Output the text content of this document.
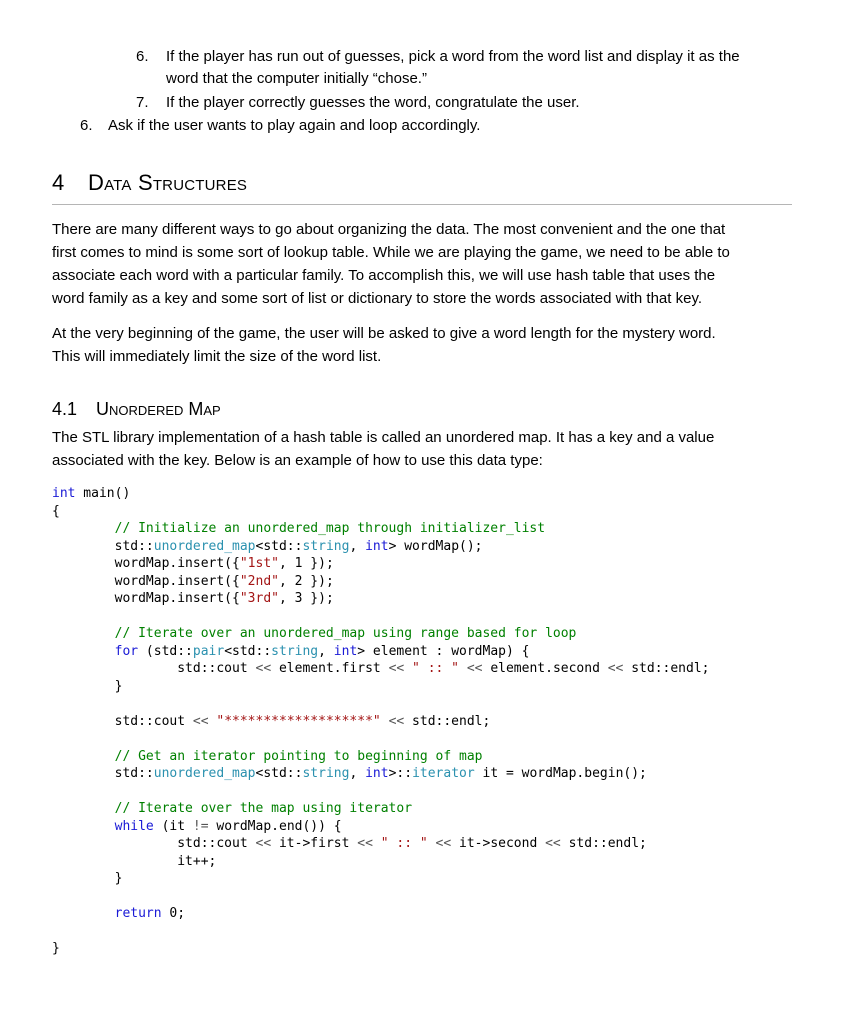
6. If the player has run out of guesses, pick a word from the word list and display it as the
word that the computer initially “chose.”
7. If the player correctly guesses the word, congratulate the user.
6. Ask if the user wants to play again and loop accordingly.
4 Data Structures
There are many different ways to go about organizing the data. The most convenient and the one that
first comes to mind is some sort of lookup table. While we are playing the game, we need to be able to
associate each word with a particular family. To accomplish this, we will use hash table that uses the
word family as a key and some sort of list or dictionary to store the words associated with that key.
At the very beginning of the game, the user will be asked to give a word length for the mystery word.
This will immediately limit the size of the word list.
4.1 Unordered Map
The STL library implementation of a hash table is called an unordered map. It has a key and a value
associated with the key. Below is an example of how to use this data type:
int main()
{
// Initialize an unordered_map through initializer_list
std::unordered_map<std::string, int> wordMap();
wordMap.insert({"1st", 1 });
wordMap.insert({"2nd", 2 });
wordMap.insert({"3rd", 3 });
// Iterate over an unordered_map using range based for loop
for (std::pair<std::string, int> element : wordMap) {
std::cout << element.first << " :: " << element.second << std::endl;
}
std::cout << "*******************" << std::endl;
// Get an iterator pointing to beginning of map
std::unordered_map<std::string, int>::iterator it = wordMap.begin();
// Iterate over the map using iterator
while (it != wordMap.end()) {
std::cout << it->first << " :: " << it->second << std::endl;
it++;
}
return 0;
}
